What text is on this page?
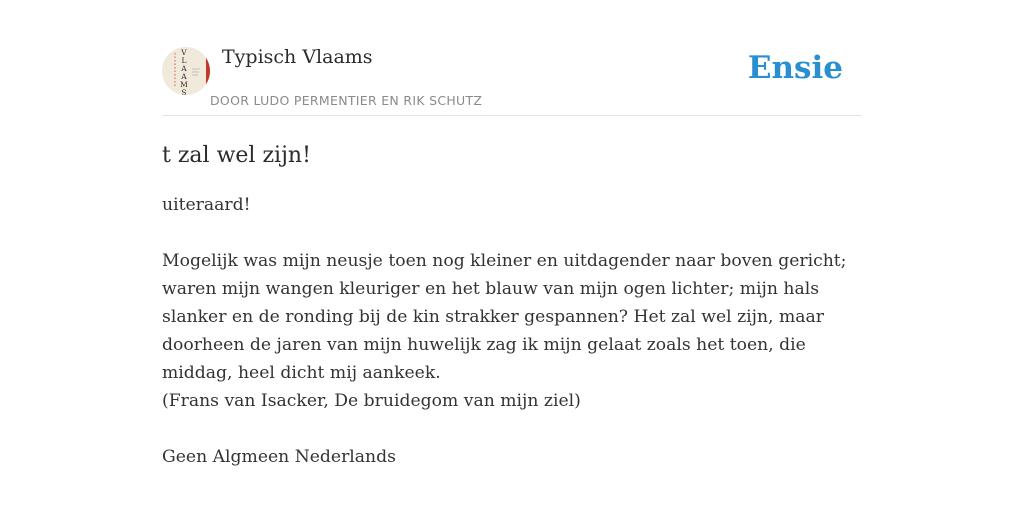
V L A A M S
Typisch Vlaams
DOOR LUDO PERMENTIER EN RIK SCHUTZ
Ensie
t zal wel zijn!

uiteraard!

Mogelijk was mijn neusje toen nog kleiner en uitdagender naar boven gericht;

waren mijn wangen kleuriger en het blauw van mijn ogen lichter; mijn hals

slanker en de ronding bij de kin strakker gespannen? Het zal wel zijn, maar

doorheen de jaren van mijn huwelijk zag ik mijn gelaat zoals het toen, die

middag, heel dicht mij aankeek.

(Frans van Isacker, De bruidegom van mijn ziel)

Geen Algmeen Nederlands
